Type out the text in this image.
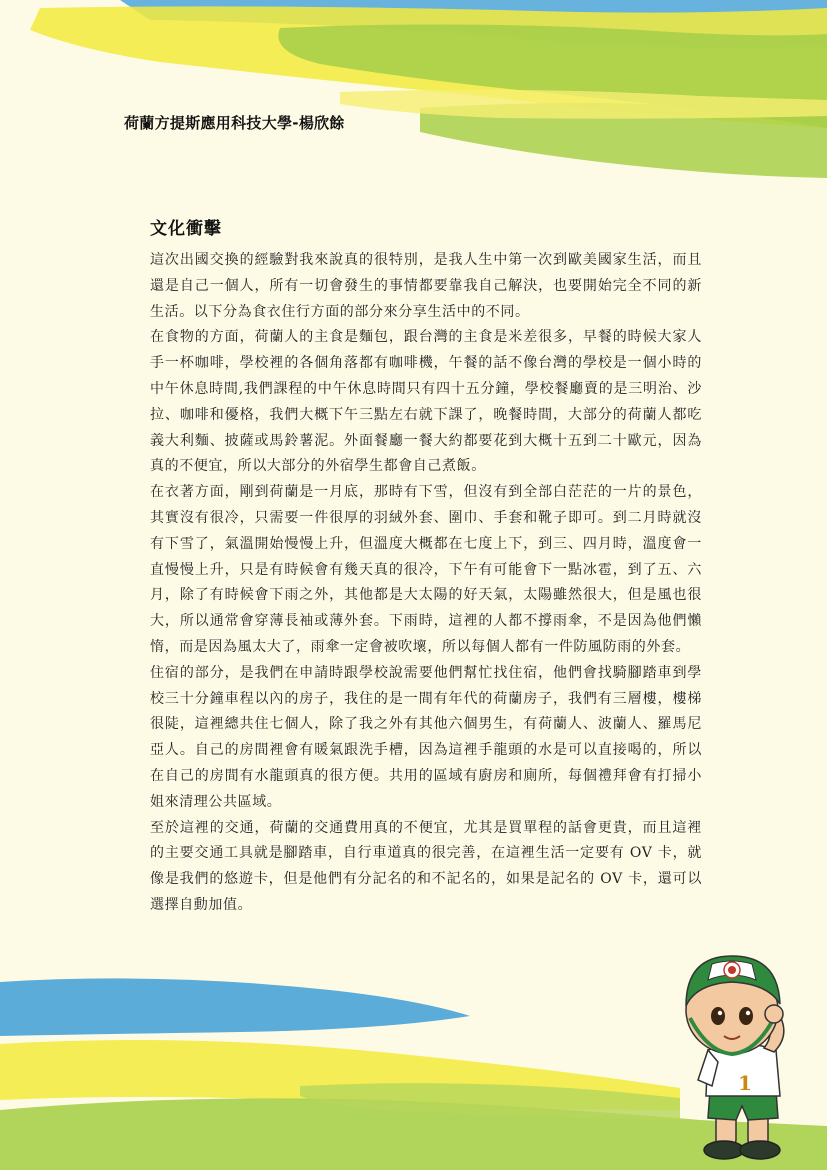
荷蘭方提斯應用科技大學-楊欣餘
文化衝擊

這次出國交換的經驗對我來說真的很特別，是我人生中第一次到歐美國家生活，而且還是自己一個人，所有一切會發生的事情都要靠我自己解決，也要開始完全不同的新生活。以下分為食衣住行方面的部分來分享生活中的不同。

在食物的方面，荷蘭人的主食是麵包，跟台灣的主食是米差很多，早餐的時候大家人手一杯咖啡，學校裡的各個角落都有咖啡機，午餐的話不像台灣的學校是一個小時的中午休息時間,我們課程的中午休息時間只有四十五分鐘，學校餐廳賣的是三明治、沙拉、咖啡和優格，我們大概下午三點左右就下課了，晚餐時間，大部分的荷蘭人都吃義大利麵、披薩或馬鈴薯泥。外面餐廳一餐大約都要花到大概十五到二十歐元，因為真的不便宜，所以大部分的外宿學生都會自己煮飯。

在衣著方面，剛到荷蘭是一月底，那時有下雪，但沒有到全部白茫茫的一片的景色，其實沒有很冷，只需要一件很厚的羽絨外套、圍巾、手套和靴子即可。到二月時就沒有下雪了，氣溫開始慢慢上升，但溫度大概都在七度上下，到三、四月時，溫度會一直慢慢上升，只是有時候會有幾天真的很冷，下午有可能會下一點冰雹，到了五、六月，除了有時候會下雨之外，其他都是大太陽的好天氣，太陽雖然很大，但是風也很大，所以通常會穿薄長袖或薄外套。下雨時，這裡的人都不撐雨傘，不是因為他們懶惰，而是因為風太大了，雨傘一定會被吹壞，所以每個人都有一件防風防雨的外套。

住宿的部分，是我們在申請時跟學校說需要他們幫忙找住宿，他們會找騎腳踏車到學校三十分鐘車程以內的房子，我住的是一間有年代的荷蘭房子，我們有三層樓，樓梯很陡，這裡總共住七個人，除了我之外有其他六個男生，有荷蘭人、波蘭人、羅馬尼亞人。自己的房間裡會有暖氣跟洗手槽，因為這裡手龍頭的水是可以直接喝的，所以在自己的房間有水龍頭真的很方便。共用的區域有廚房和廁所，每個禮拜會有打掃小姐來清理公共區域。

至於這裡的交通，荷蘭的交通費用真的不便宜，尤其是買單程的話會更貴，而且這裡的主要交通工具就是腳踏車，自行車道真的很完善，在這裡生活一定要有 OV 卡，就像是我們的悠遊卡，但是他們有分記名的和不記名的，如果是記名的 OV 卡，還可以選擇自動加值。

1
